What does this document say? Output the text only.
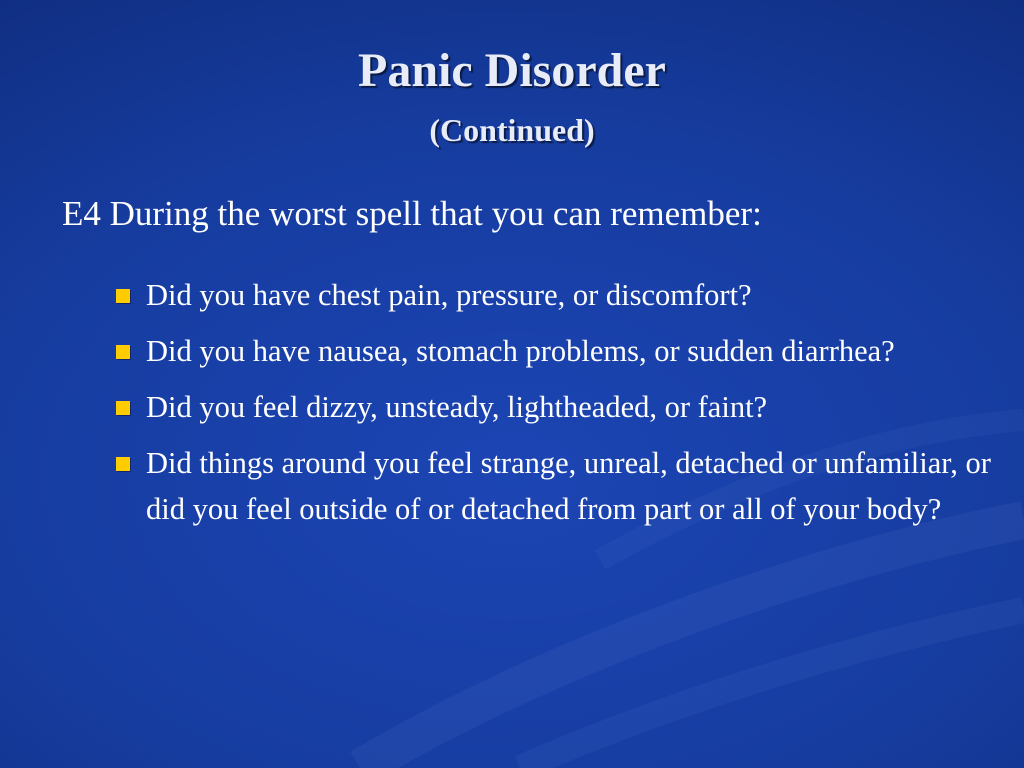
Panic Disorder
(Continued)

E4 During the worst spell that you can remember:

Did you have chest pain, pressure, or discomfort?
Did you have nausea, stomach problems, or sudden diarrhea?
Did you feel dizzy, unsteady, lightheaded, or faint?
Did things around you feel strange, unreal, detached or unfamiliar, or did you feel outside of or detached from part or all of your body?
